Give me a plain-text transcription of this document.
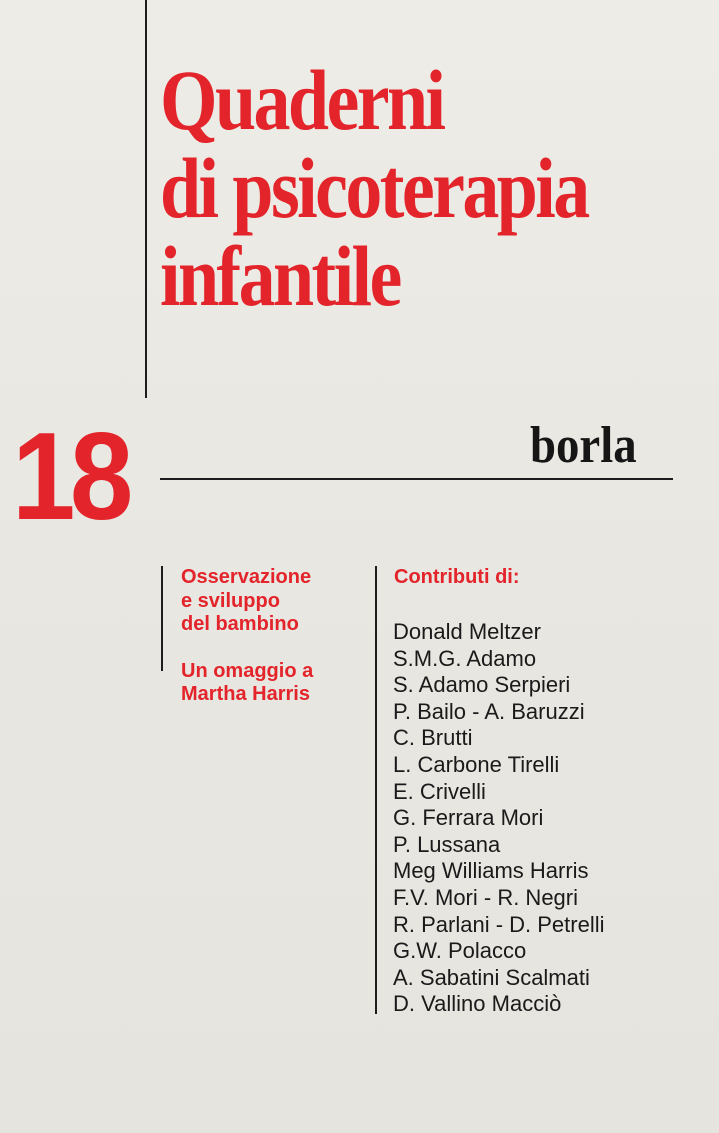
Quaderni
di psicoterapia
infantile
18	borla
Osservazione
e sviluppo
del bambino
Un omaggio a
Martha Harris
Contributi di:
Donald Meltzer
S.M.G. Adamo
S. Adamo Serpieri
P. Bailo - A. Baruzzi
C. Brutti
L. Carbone Tirelli
E. Crivelli
G. Ferrara Mori
P. Lussana
Meg Williams Harris
F.V. Mori - R. Negri
R. Parlani - D. Petrelli
G.W. Polacco
A. Sabatini Scalmati
D. Vallino Macciò
